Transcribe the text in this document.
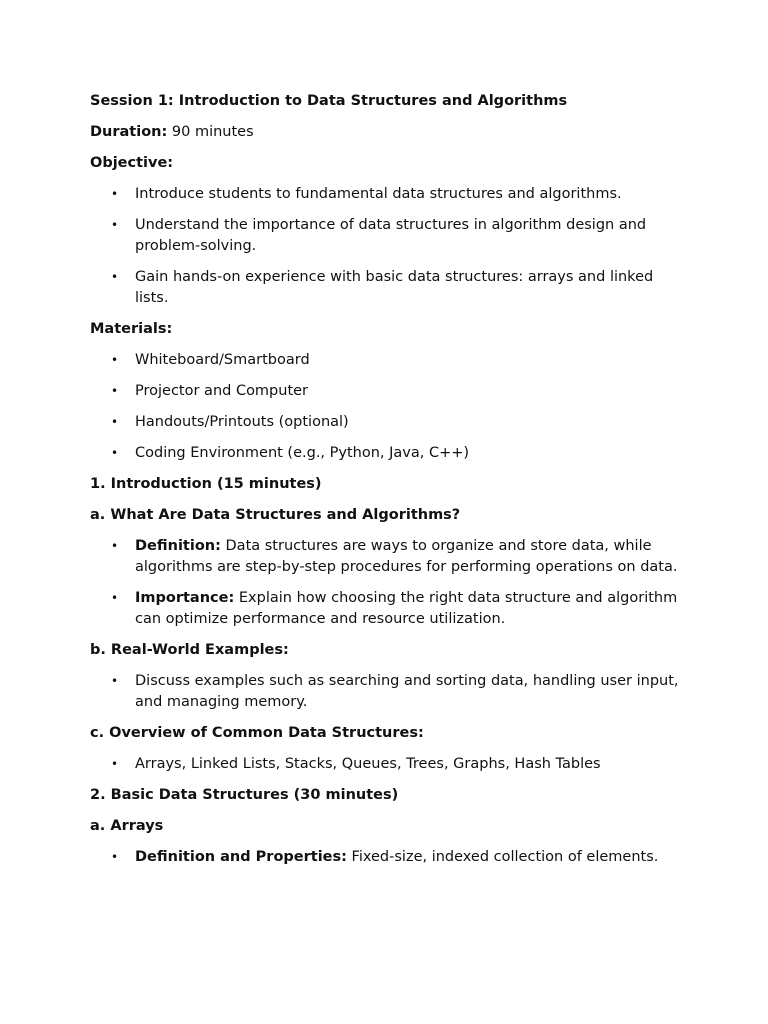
Session 1: Introduction to Data Structures and Algorithms

Duration: 90 minutes

Objective:

• Introduce students to fundamental data structures and algorithms.
• Understand the importance of data structures in algorithm design and problem-solving.
• Gain hands-on experience with basic data structures: arrays and linked lists.

Materials:

• Whiteboard/Smartboard
• Projector and Computer
• Handouts/Printouts (optional)
• Coding Environment (e.g., Python, Java, C++)

1. Introduction (15 minutes)

a. What Are Data Structures and Algorithms?

• Definition: Data structures are ways to organize and store data, while algorithms are step-by-step procedures for performing operations on data.
• Importance: Explain how choosing the right data structure and algorithm can optimize performance and resource utilization.

b. Real-World Examples:

• Discuss examples such as searching and sorting data, handling user input, and managing memory.

c. Overview of Common Data Structures:

• Arrays, Linked Lists, Stacks, Queues, Trees, Graphs, Hash Tables

2. Basic Data Structures (30 minutes)

a. Arrays

• Definition and Properties: Fixed-size, indexed collection of elements.
